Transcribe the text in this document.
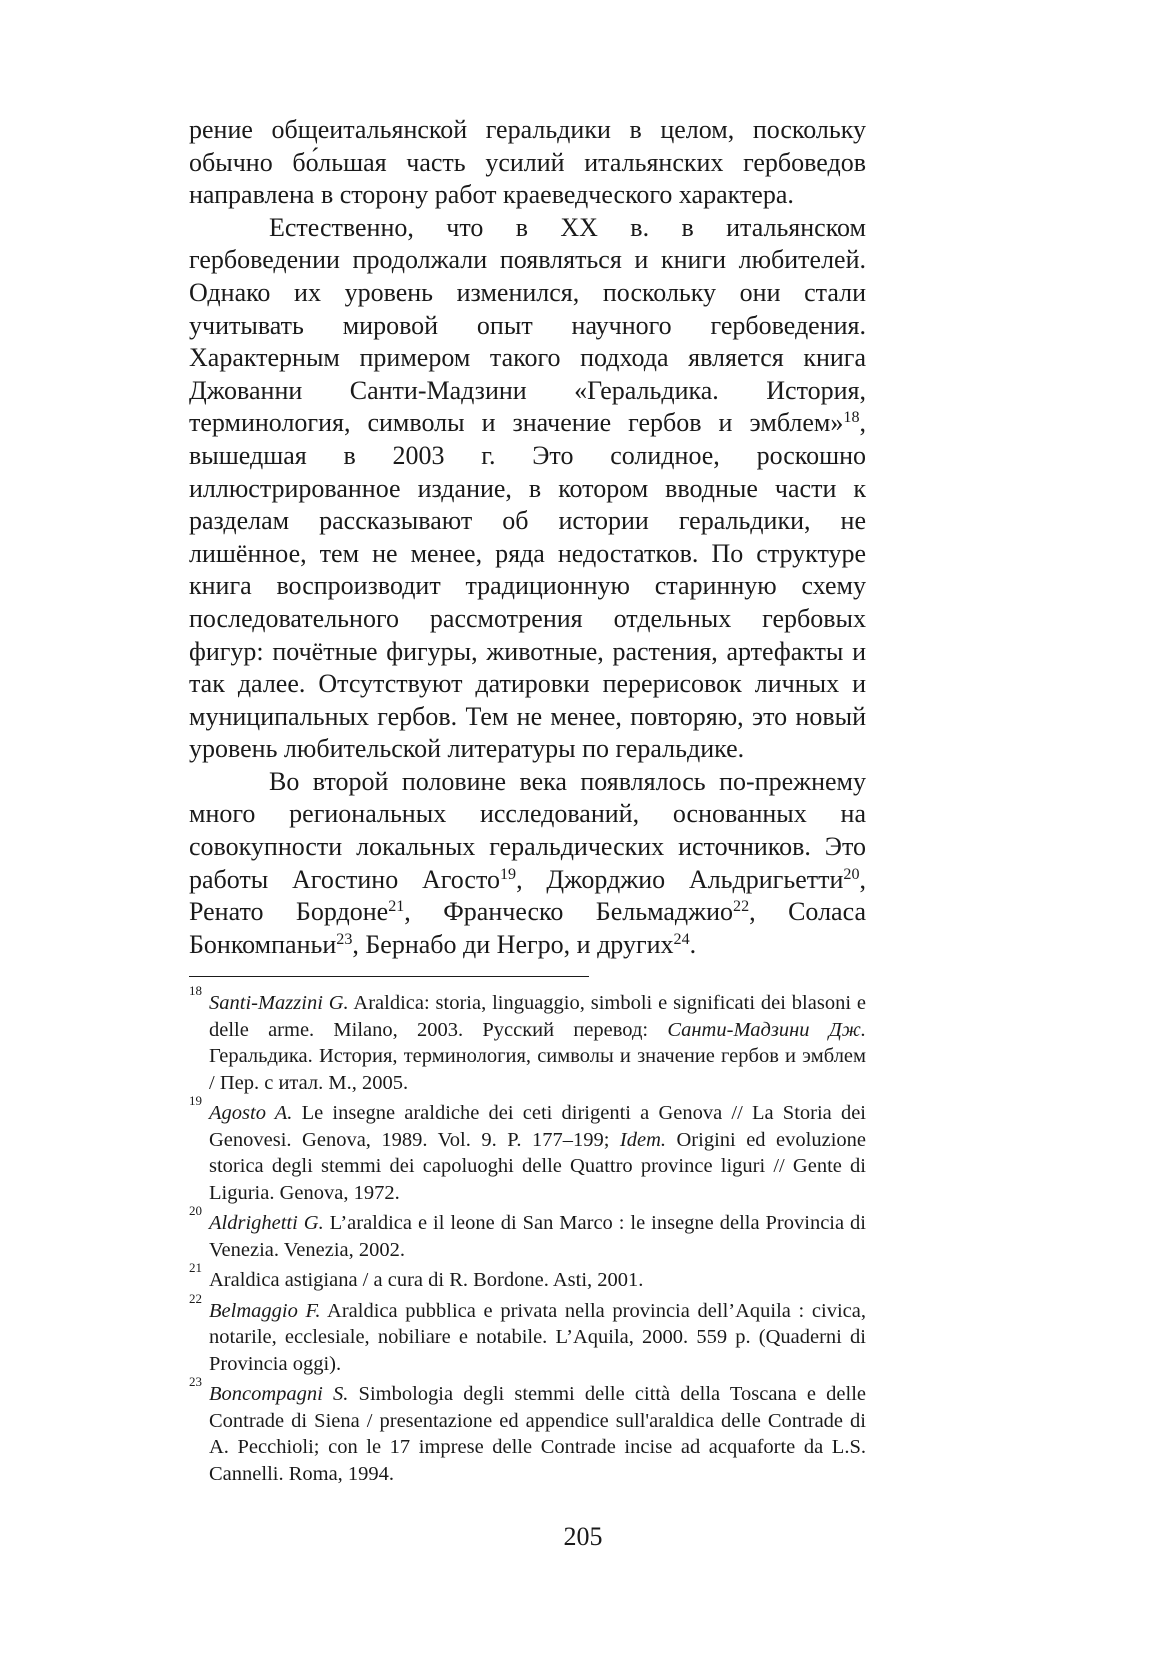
рение общеитальянской геральдики в целом, поскольку обычно бо́льшая часть усилий итальянских гербоведов направлена в сторону работ краеведческого характера.

Естественно, что в XX в. в итальянском гербоведении продолжали появляться и книги любителей. Однако их уровень изменился, поскольку они стали учитывать мировой опыт научного гербоведения. Характерным примером такого подхода является книга Джованни Санти-Мадзини «Геральдика. История, терминология, символы и значение гербов и эмблем»$^{18}$, вышедшая в 2003 г. Это солидное, роскошно иллюстрированное издание, в котором вводные части к разделам рассказывают об истории геральдики, не лишённое, тем не менее, ряда недостатков. По структуре книга воспроизводит традиционную старинную схему последовательного рассмотрения отдельных гербовых фигур: почётные фигуры, животные, растения, артефакты и так далее. Отсутствуют датировки перерисовок личных и муниципальных гербов. Тем не менее, повторяю, это новый уровень любительской литературы по геральдике.

Во второй половине века появлялось по-прежнему много региональных исследований, основанных на совокупности локальных геральдических источников. Это работы Агостино Агосто$^{19}$, Джорджио Альдригьетти$^{20}$, Ренато Бордоне$^{21}$, Франческо Бельмаджио$^{22}$, Соласа Бонкомпаньи$^{23}$, Бернабо ди Негро, и других$^{24}$.

18
Santi-Mazzini G. Araldica: storia, linguaggio, simboli e significati dei blasoni e delle arme. Milano, 2003. Русский перевод: Санти-Мадзини Дж. Геральдика. История, терминология, символы и значение гербов и эмблем / Пер. с итал. М., 2005.
19
Agosto A. Le insegne araldiche dei ceti dirigenti a Genova // La Storia dei Genovesi. Genova, 1989. Vol. 9. P. 177–199; Idem. Origini ed evoluzione storica degli stemmi dei capoluoghi delle Quattro province liguri // Gente di Liguria. Genova, 1972.
20
Aldrighetti G. L’araldica e il leone di San Marco : le insegne della Provincia di Venezia. Venezia, 2002.
21
Araldica astigiana / a cura di R. Bordone. Asti, 2001.
22
Belmaggio F. Araldica pubblica e privata nella provincia dell’Aquila : civica, notarile, ecclesiale, nobiliare e notabile. L’Aquila, 2000. 559 p. (Quaderni di Provincia oggi).
23
Boncompagni S. Simbologia degli stemmi delle città della Toscana e delle Contrade di Siena / presentazione ed appendice sull'araldica delle Contrade di A. Pecchioli; con le 17 imprese delle Contrade incise ad acquaforte da L.S. Cannelli. Roma, 1994.
205
